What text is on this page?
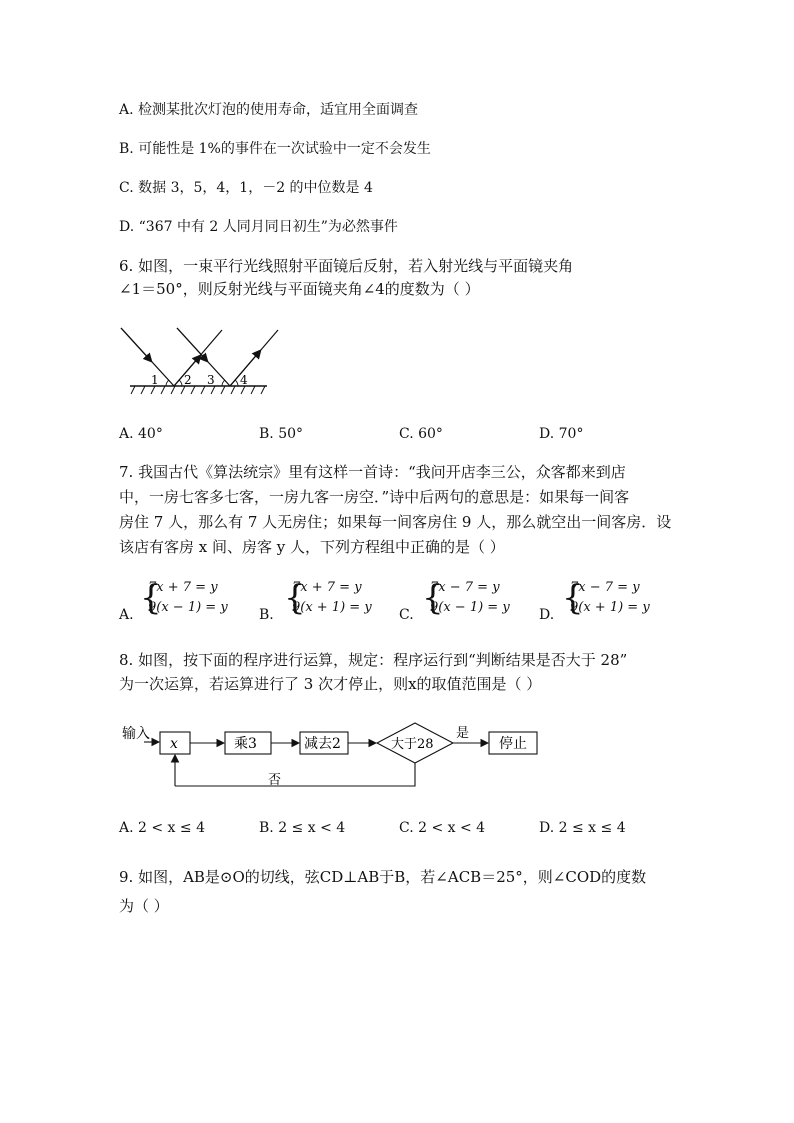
A. 检测某批次灯泡的使用寿命，适宜用全面调查
B. 可能性是 1%的事件在一次试验中一定不会发生
C. 数据 3，5，4，1，－2 的中位数是 4
D. “367 中有 2 人同月同日初生”为必然事件
6. 如图，一束平行光线照射平面镜后反射，若入射光线与平面镜夹角
∠1＝50°，则反射光线与平面镜夹角∠4的度数为（ ）
1 2 3 4
A. 40°	B. 50°	C. 60°	D. 70°
7. 我国古代《算法统宗》里有这样一首诗：“我问开店李三公，众客都来到店
中，一房七客多七客，一房九客一房空．”诗中后两句的意思是：如果每一间客
房住 7 人，那么有 7 人无房住；如果每一间客房住 9 人，那么就空出一间客房．设
该店有客房 x 间、房客 y 人，下列方程组中正确的是（ ）
A. {
7x + 7 = y
9(x − 1) = y B. {
7x + 7 = y
9(x + 1) = y C. {
7x − 7 = y
9(x − 1) = y D. {
7x − 7 = y
9(x + 1) = y
8. 如图，按下面的程序进行运算，规定：程序运行到“判断结果是否大于 28”
为一次运算，若运算进行了 3 次才停止，则x的取值范围是（ ）
输入
x	乘3	减去2	大于28
是
停止
否
A. 2 < x ≤ 4	B. 2 ≤ x < 4	C. 2 < x < 4	D. 2 ≤ x ≤ 4
9. 如图，AB是⊙O的切线，弦CD⊥AB于B，若∠ACB＝25°，则∠COD的度数
为（ ）
